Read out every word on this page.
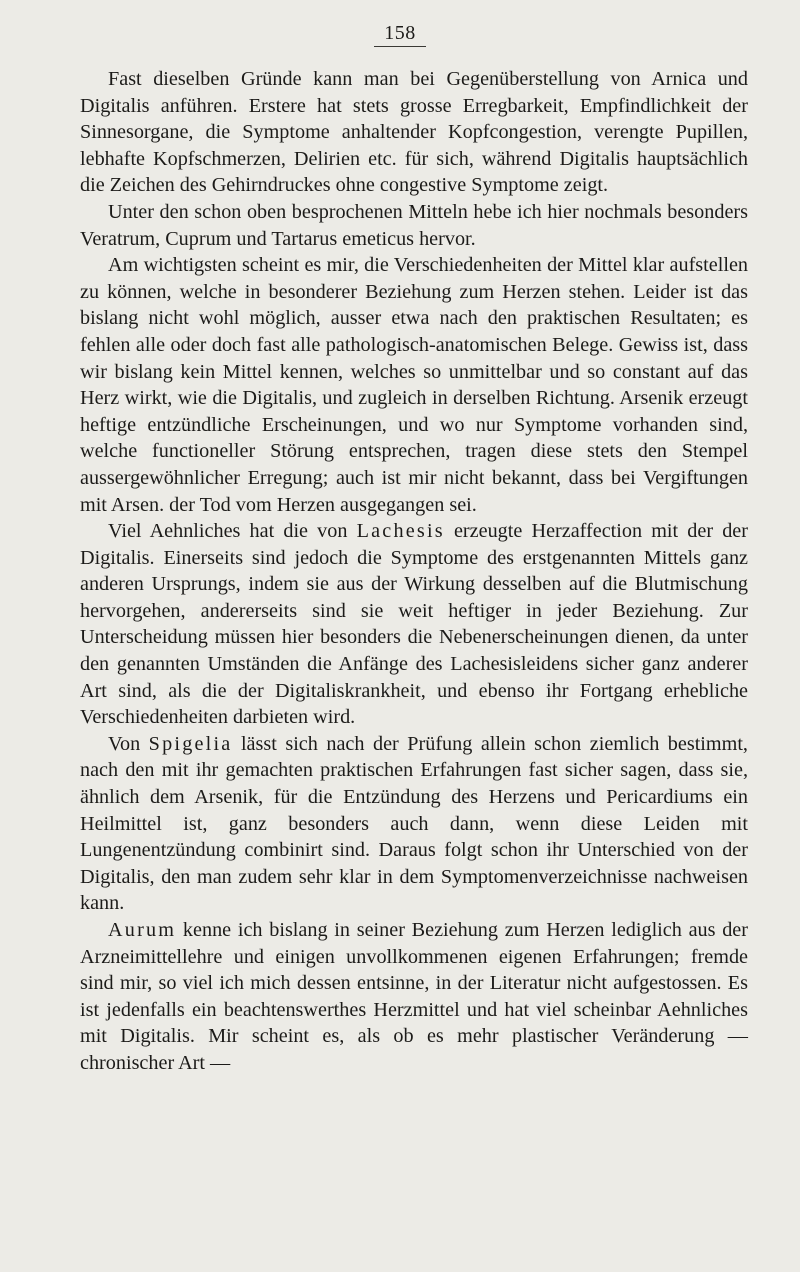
158

Fast dieselben Gründe kann man bei Gegenüberstellung von Arnica und Digitalis anführen. Erstere hat stets grosse Erregbarkeit, Empfindlichkeit der Sinnesorgane, die Symptome anhaltender Kopfcongestion, verengte Pupillen, lebhafte Kopfschmerzen, Delirien etc. für sich, während Digitalis hauptsächlich die Zeichen des Gehirndruckes ohne congestive Symptome zeigt.

Unter den schon oben besprochenen Mitteln hebe ich hier nochmals besonders Veratrum, Cuprum und Tartarus emeticus hervor.

Am wichtigsten scheint es mir, die Verschiedenheiten der Mittel klar aufstellen zu können, welche in besonderer Beziehung zum Herzen stehen. Leider ist das bislang nicht wohl möglich, ausser etwa nach den praktischen Resultaten; es fehlen alle oder doch fast alle pathologisch-anatomischen Belege. Gewiss ist, dass wir bislang kein Mittel kennen, welches so unmittelbar und so constant auf das Herz wirkt, wie die Digitalis, und zugleich in derselben Richtung. Arsenik erzeugt heftige entzündliche Erscheinungen, und wo nur Symptome vorhanden sind, welche functioneller Störung entsprechen, tragen diese stets den Stempel aussergewöhnlicher Erregung; auch ist mir nicht bekannt, dass bei Vergiftungen mit Arsen. der Tod vom Herzen ausgegangen sei.

Viel Aehnliches hat die von Lachesis erzeugte Herzaffection mit der der Digitalis. Einerseits sind jedoch die Symptome des erstgenannten Mittels ganz anderen Ursprungs, indem sie aus der Wirkung desselben auf die Blutmischung hervorgehen, andererseits sind sie weit heftiger in jeder Beziehung. Zur Unterscheidung müssen hier besonders die Nebenerscheinungen dienen, da unter den genannten Umständen die Anfänge des Lachesisleidens sicher ganz anderer Art sind, als die der Digitaliskrankheit, und ebenso ihr Fortgang erhebliche Verschiedenheiten darbieten wird.

Von Spigelia lässt sich nach der Prüfung allein schon ziemlich bestimmt, nach den mit ihr gemachten praktischen Erfahrungen fast sicher sagen, dass sie, ähnlich dem Arsenik, für die Entzündung des Herzens und Pericardiums ein Heilmittel ist, ganz besonders auch dann, wenn diese Leiden mit Lungenentzündung combinirt sind. Daraus folgt schon ihr Unterschied von der Digitalis, den man zudem sehr klar in dem Symptomenverzeichnisse nachweisen kann.

Aurum kenne ich bislang in seiner Beziehung zum Herzen lediglich aus der Arzneimittellehre und einigen unvollkommenen eigenen Erfahrungen; fremde sind mir, so viel ich mich dessen entsinne, in der Literatur nicht aufgestossen. Es ist jedenfalls ein beachtenswerthes Herzmittel und hat viel scheinbar Aehnliches mit Digitalis. Mir scheint es, als ob es mehr plastischer Veränderung — chronischer Art —
